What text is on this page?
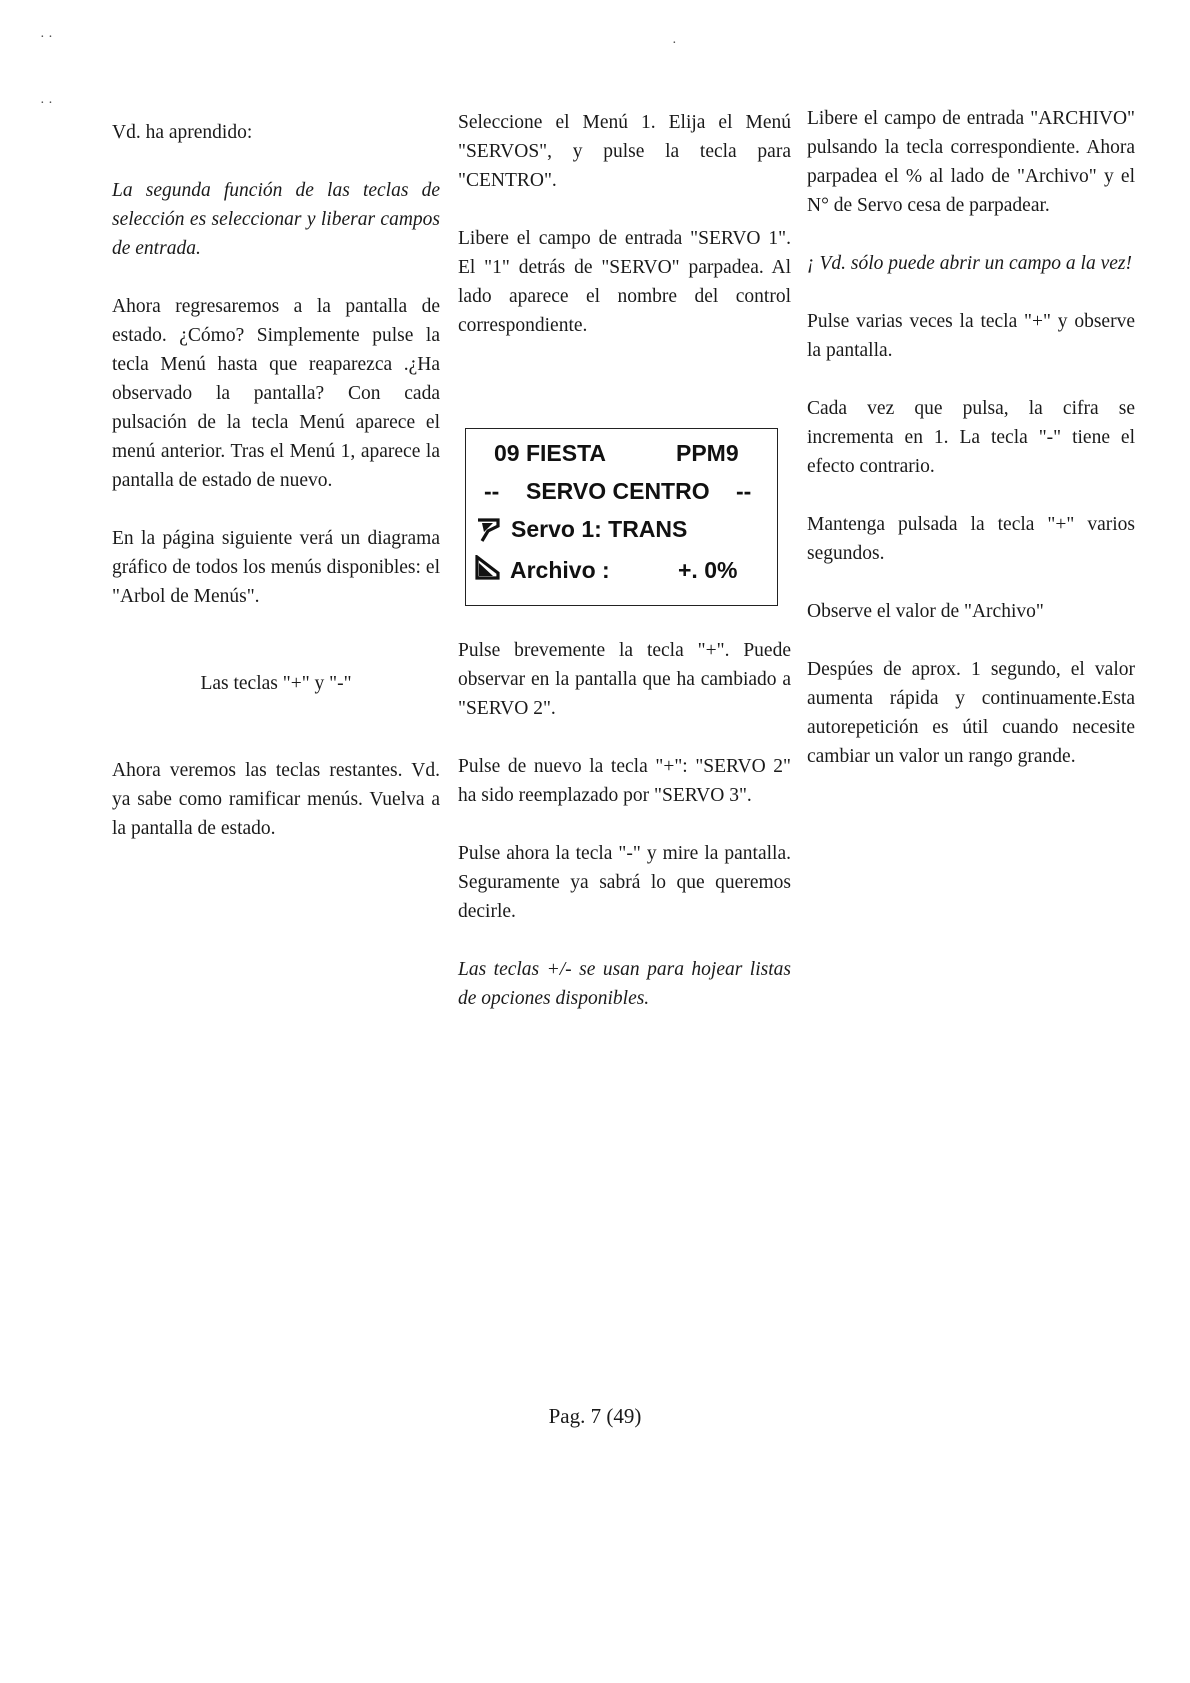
· ·
· ·
·

Vd. ha aprendido:

La segunda función de las teclas de selección es seleccionar y liberar campos de entrada.

Ahora regresaremos a la pantalla de estado. ¿Cómo? Simplemente pulse la tecla Menú hasta que reaparezca .¿Ha observado la pantalla? Con cada pulsación de la tecla Menú aparece el menú anterior. Tras el Menú 1, aparece la pantalla de estado de nuevo.

En la página siguiente verá un diagrama gráfico de todos los menús disponibles: el "Arbol de Menús".

Las teclas "+" y "-"

Ahora veremos las teclas restantes. Vd. ya sabe como ramificar menús. Vuelva a la pantalla de estado.

Seleccione el Menú 1. Elija el Menú "SERVOS", y pulse la tecla para "CENTRO".

Libere el campo de entrada "SERVO 1". El "1" detrás de "SERVO" parpadea. Al lado aparece el nombre del control correspondiente.

Pulse brevemente la tecla "+". Puede observar en la pantalla que ha cambiado a "SERVO 2".

Pulse de nuevo la tecla "+": "SERVO 2" ha sido reemplazado por "SERVO 3".

Pulse ahora la tecla "-" y mire la pantalla. Seguramente ya sabrá lo que queremos decirle.

Las teclas +/- se usan para hojear listas de opciones disponibles.

09 FIESTA	PPM9
-- SERVO CENTRO --
Servo 1: TRANS
Archivo :	+. 0%

Libere el campo de entrada "ARCHIVO" pulsando la tecla correspondiente. Ahora parpadea el % al lado de "Archivo" y el N° de Servo cesa de parpadear.

¡ Vd. sólo puede abrir un campo a la vez!

Pulse varias veces la tecla "+" y observe la pantalla.

Cada vez que pulsa, la cifra se incrementa en 1. La tecla "-" tiene el efecto contrario.

Mantenga pulsada la tecla "+" varios segundos.

Observe el valor de "Archivo"

Despúes de aprox. 1 segundo, el valor aumenta rápida y continuamente.Esta autorepetición es útil cuando necesite cambiar un valor un rango grande.

Pag. 7 (49)
